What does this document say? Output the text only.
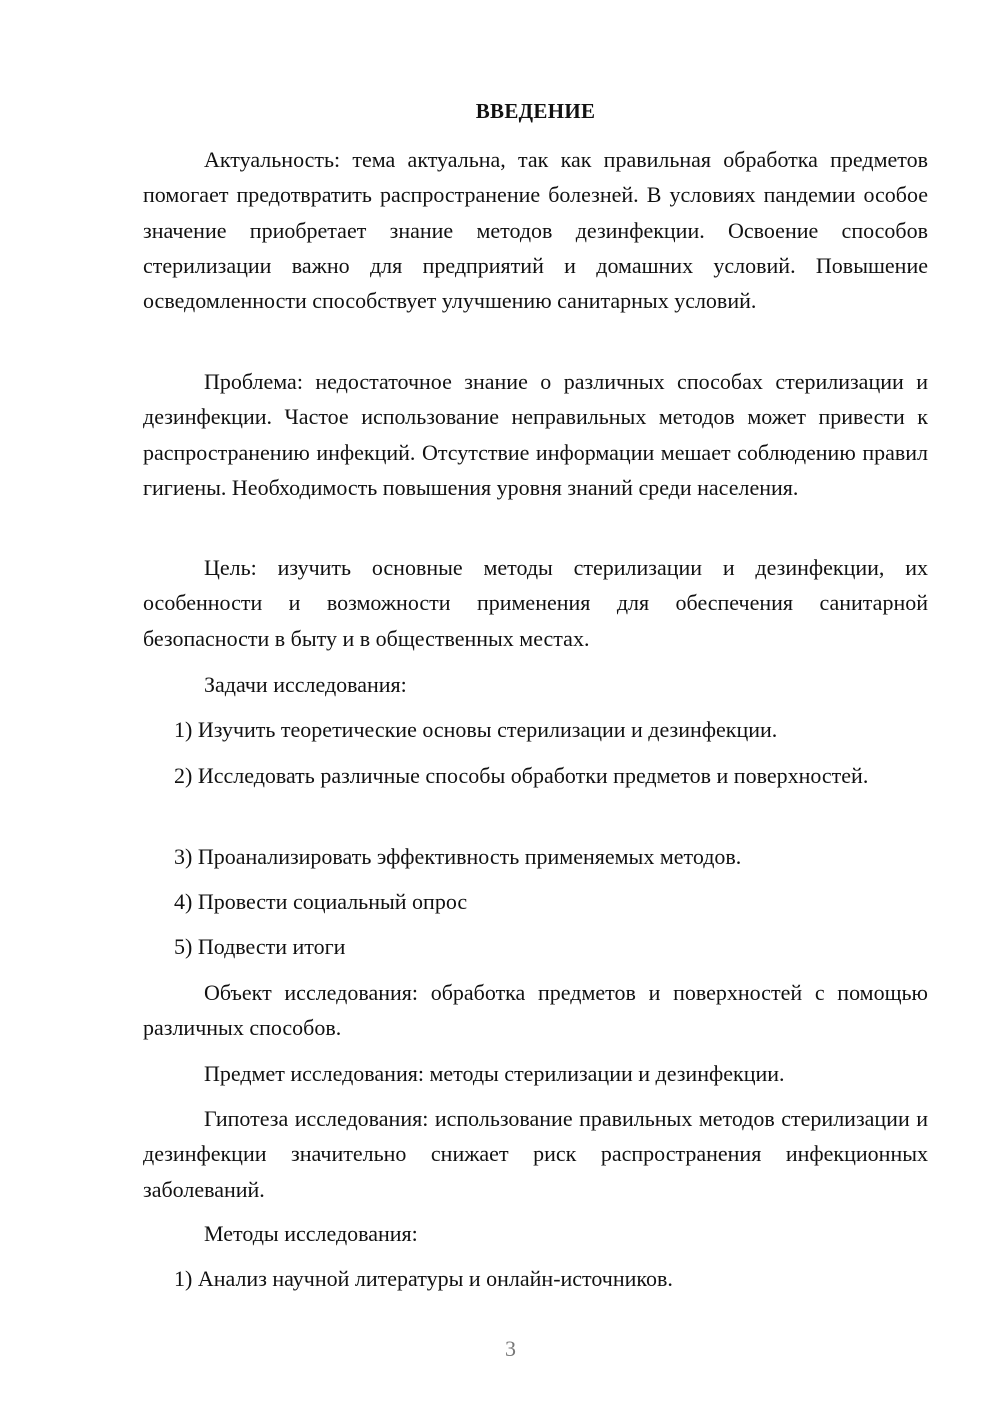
ВВЕДЕНИЕ

Актуальность: тема актуальна, так как правильная обработка предметов помогает предотвратить распространение болезней. В условиях пандемии особое значение приобретает знание методов дезинфекции. Освоение способов стерилизации важно для предприятий и домашних условий. Повышение осведомленности способствует улучшению санитарных условий.

Проблема: недостаточное знание о различных способах стерилизации и дезинфекции. Частое использование неправильных методов может привести к распространению инфекций. Отсутствие информации мешает соблюдению правил гигиены. Необходимость повышения уровня знаний среди населения.

Цель: изучить основные методы стерилизации и дезинфекции, их особенности и возможности применения для обеспечения санитарной безопасности в быту и в общественных местах.

Задачи исследования:

1) Изучить теоретические основы стерилизации и дезинфекции.

2) Исследовать различные способы обработки предметов и поверхностей.

3) Проанализировать эффективность применяемых методов.

4) Провести социальный опрос

5) Подвести итоги

Объект исследования: обработка предметов и поверхностей с помощью различных способов.

Предмет исследования: методы стерилизации и дезинфекции.

Гипотеза исследования: использование правильных методов стерилизации и дезинфекции значительно снижает риск распространения инфекционных заболеваний.

Методы исследования:

1) Анализ научной литературы и онлайн-источников.

3
